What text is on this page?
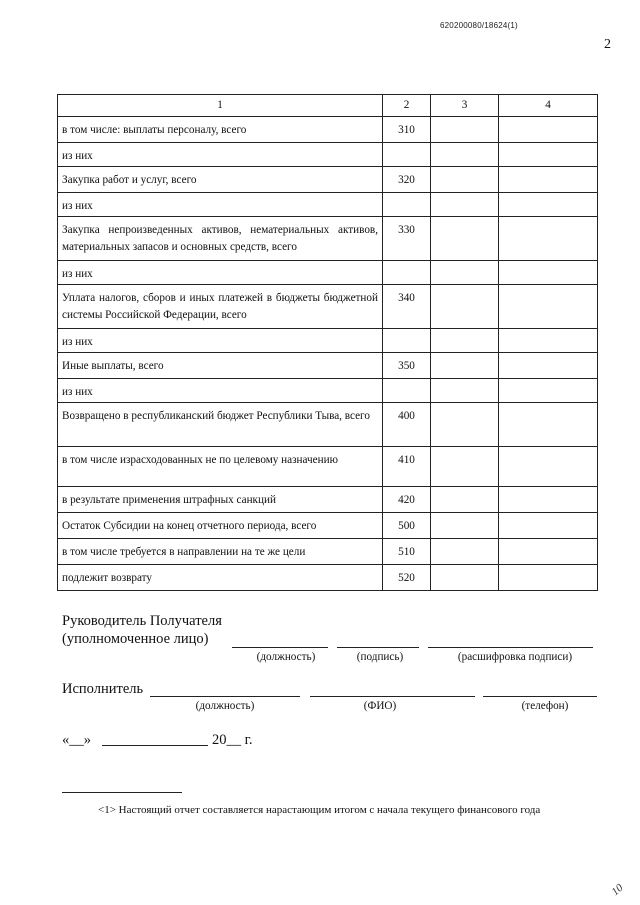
620200080/18624(1)
2
1	2	3	4
в том числе: выплаты персоналу, всего	310		
из них			
Закупка работ и услуг, всего	320		
из них			
Закупка непроизведенных активов, нематериальных активов, материальных запасов и основных средств, всего	330		
из них			
Уплата налогов, сборов и иных платежей в бюджеты бюджетной системы Российской Федерации, всего	340		
из них			
Иные выплаты, всего	350		
из них			
Возвращено в республиканский бюджет Республики Тыва, всего	400		
в том числе израсходованных не по целевому назначению	410		
в результате применения штрафных санкций	420		
Остаток Субсидии на конец отчетного периода, всего	500		
в том числе требуется в направлении на те же цели	510		
подлежит возврату	520		
Руководитель Получателя
(уполномоченное лицо)
(должность)	(подпись)	(расшифровка подписи)
Исполнитель
(должность)	(ФИО)	(телефон)
«__»	20__ г.
<1> Настоящий отчет составляется нарастающим итогом с начала текущего финансового года
10
